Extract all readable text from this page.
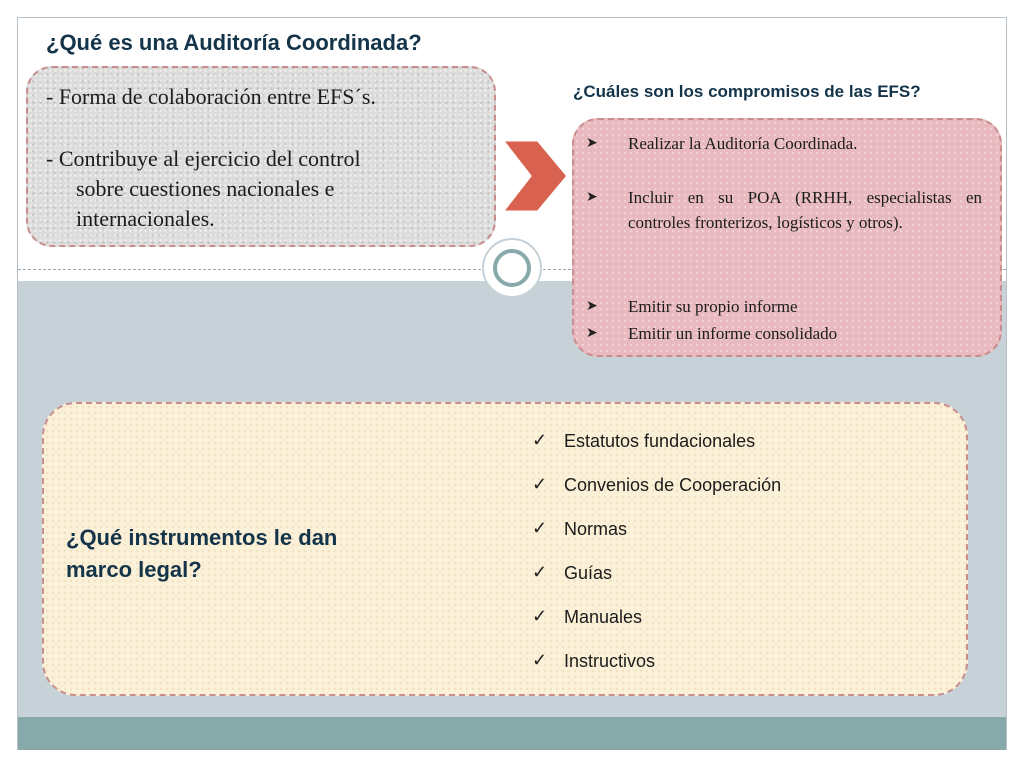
¿Qué es una Auditoría Coordinada?

- Forma de colaboración entre EFS´s.

- Contribuye al ejercicio del control

sobre cuestiones nacionales e

internacionales.

¿Cuáles son los compromisos de las EFS?

➤ Realizar la Auditoría Coordinada.

➤ Incluir en su POA (RRHH, especialistas en controles fronterizos, logísticos y otros).

➤ Emitir su propio informe

➤ Emitir un informe consolidado

¿Qué instrumentos le dan marco legal?

✓ Estatutos fundacionales
✓ Convenios de Cooperación
✓ Normas
✓ Guías
✓ Manuales
✓ Instructivos
